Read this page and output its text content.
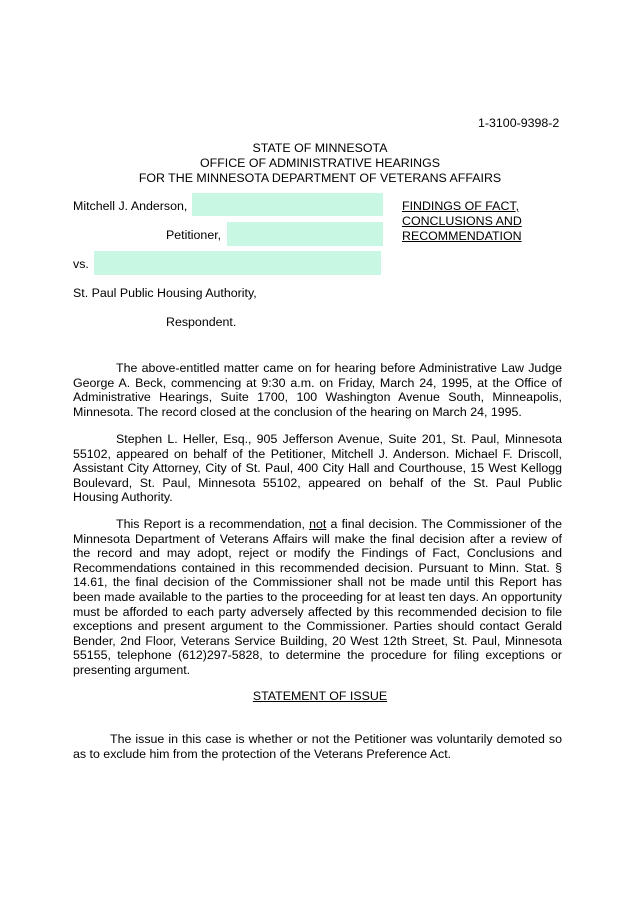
1-3100-9398-2
STATE OF MINNESOTA
OFFICE OF ADMINISTRATIVE HEARINGS
FOR THE MINNESOTA DEPARTMENT OF VETERANS AFFAIRS
Mitchell J. Anderson,
Petitioner,
vs.
St. Paul Public Housing Authority,
Respondent.
FINDINGS OF FACT,
CONCLUSIONS AND
RECOMMENDATION

The above-entitled matter came on for hearing before Administrative Law Judge George A. Beck, commencing at 9:30 a.m. on Friday, March 24, 1995, at the Office of Administrative Hearings, Suite 1700, 100 Washington Avenue South, Minneapolis, Minnesota. The record closed at the conclusion of the hearing on March 24, 1995.

Stephen L. Heller, Esq., 905 Jefferson Avenue, Suite 201, St. Paul, Minnesota 55102, appeared on behalf of the Petitioner, Mitchell J. Anderson. Michael F. Driscoll, Assistant City Attorney, City of St. Paul, 400 City Hall and Courthouse, 15 West Kellogg Boulevard, St. Paul, Minnesota 55102, appeared on behalf of the St. Paul Public Housing Authority.

This Report is a recommendation, not a final decision. The Commissioner of the Minnesota Department of Veterans Affairs will make the final decision after a review of the record and may adopt, reject or modify the Findings of Fact, Conclusions and Recommendations contained in this recommended decision. Pursuant to Minn. Stat. § 14.61, the final decision of the Commissioner shall not be made until this Report has been made available to the parties to the proceeding for at least ten days. An opportunity must be afforded to each party adversely affected by this recommended decision to file exceptions and present argument to the Commissioner. Parties should contact Gerald Bender, 2nd Floor, Veterans Service Building, 20 West 12th Street, St. Paul, Minnesota 55155, telephone (612)297-5828, to determine the procedure for filing exceptions or presenting argument.

STATEMENT OF ISSUE

The issue in this case is whether or not the Petitioner was voluntarily demoted so as to exclude him from the protection of the Veterans Preference Act.
